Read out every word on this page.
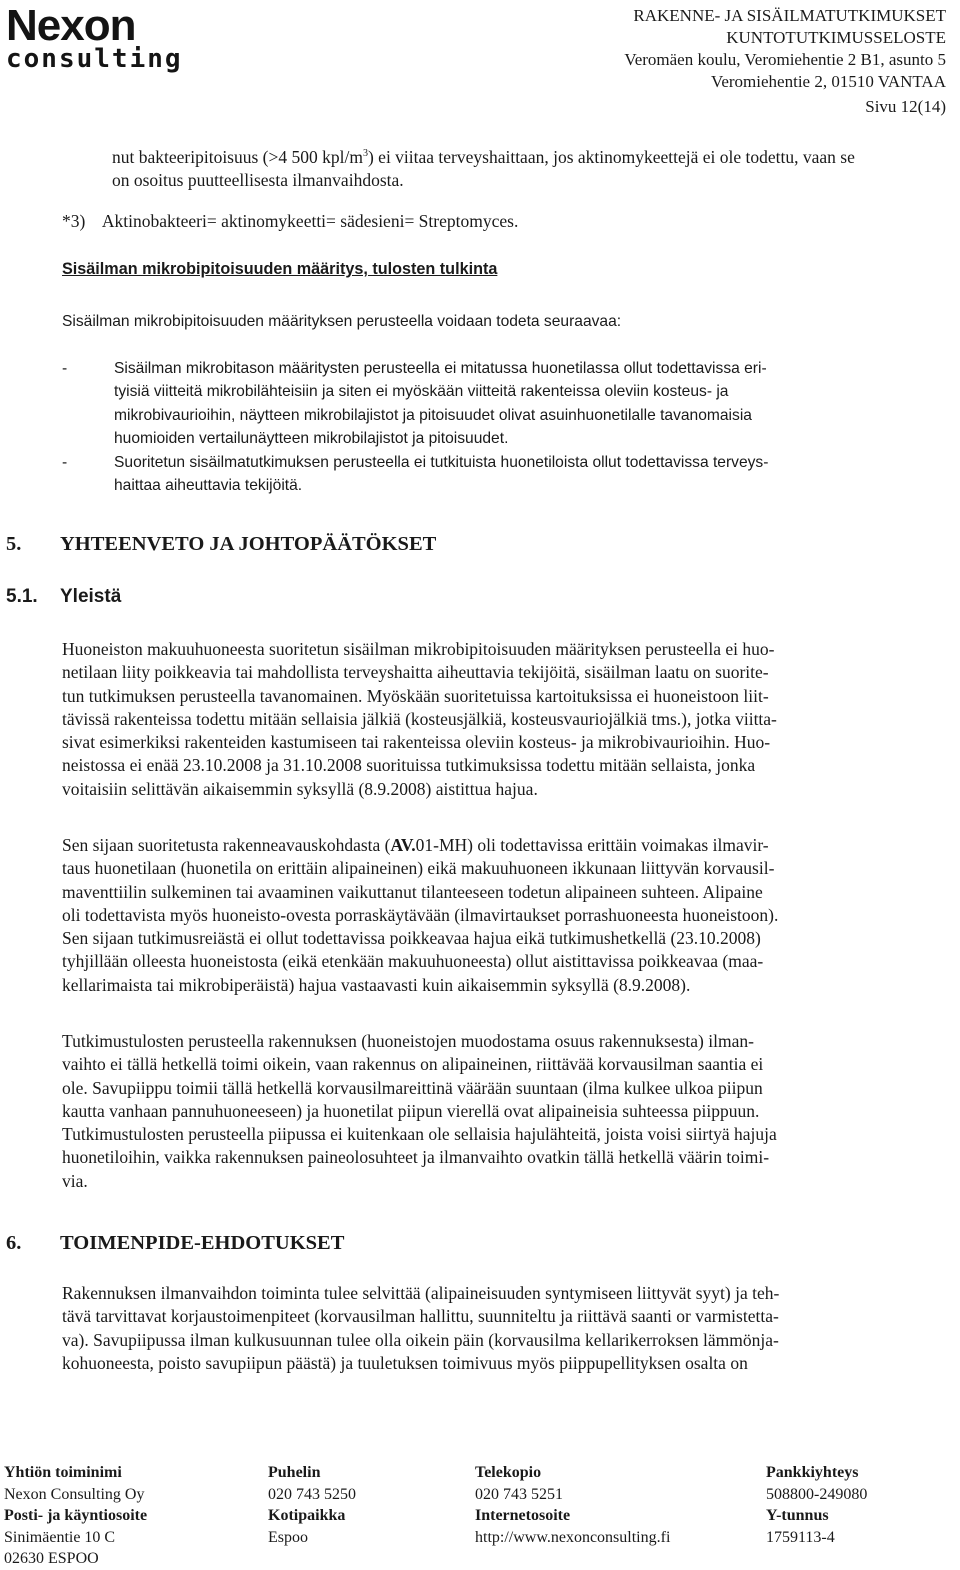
Nexon
consulting
RAKENNE- JA SISÄILMATUTKIMUKSET
KUNTOTUTKIMUSSELOSTE
Veromäen koulu, Veromiehentie 2 B1, asunto 5
Veromiehentie 2, 01510 VANTAA
Sivu 12(14)
nut bakteeripitoisuus (>4 500 kpl/$m^3$) ei viitaa terveyshaittaan, jos aktinomykeettejä ei ole todettu, vaan se
on osoitus puutteellisesta ilmanvaihdosta.
*3)    Aktinobakteeri= aktinomykeetti= sädesieni= Streptomyces.
Sisäilman mikrobipitoisuuden määritys, tulosten tulkinta
Sisäilman mikrobipitoisuuden määrityksen perusteella voidaan todeta seuraavaa:
-	Sisäilman mikrobitason määritysten perusteella ei mitatussa huonetilassa ollut todettavissa eri-
tyisiä viitteitä mikrobilähteisiin ja siten ei myöskään viitteitä rakenteissa oleviin kosteus- ja
mikrobivaurioihin, näytteen mikrobilajistot ja pitoisuudet olivat asuinhuonetilalle tavanomaisia
huomioiden vertailunäytteen mikrobilajistot ja pitoisuudet.
-	Suoritetun sisäilmatutkimuksen perusteella ei tutkituista huonetiloista ollut todettavissa terveys-
haittaa aiheuttavia tekijöitä.
5. YHTEENVETO JA JOHTOPÄÄTÖKSET
5.1. Yleistä
Huoneiston makuuhuoneesta suoritetun sisäilman mikrobipitoisuuden määrityksen perusteella ei huo-
netilaan liity poikkeavia tai mahdollista terveyshaitta aiheuttavia tekijöitä, sisäilman laatu on suorite-
tun tutkimuksen perusteella tavanomainen. Myöskään suoritetuissa kartoituksissa ei huoneistoon liit-
tävissä rakenteissa todettu mitään sellaisia jälkiä (kosteusjälkiä, kosteusvauriojälkiä tms.), jotka viitta-
sivat esimerkiksi rakenteiden kastumiseen tai rakenteissa oleviin kosteus- ja mikrobivaurioihin. Huo-
neistossa ei enää 23.10.2008 ja 31.10.2008 suorituissa tutkimuksissa todettu mitään sellaista, jonka
voitaisiin selittävän aikaisemmin syksyllä (8.9.2008) aistittua hajua.
Sen sijaan suoritetusta rakenneavauskohdasta (AV.01-MH) oli todettavissa erittäin voimakas ilmavir-
taus huonetilaan (huonetila on erittäin alipaineinen) eikä makuuhuoneen ikkunaan liittyvän korvausil-
maventtiilin sulkeminen tai avaaminen vaikuttanut tilanteeseen todetun alipaineen suhteen. Alipaine
oli todettavista myös huoneisto-ovesta porraskäytävään (ilmavirtaukset porrashuoneesta huoneistoon).
Sen sijaan tutkimusreiästä ei ollut todettavissa poikkeavaa hajua eikä tutkimushetkellä (23.10.2008)
tyhjillään olleesta huoneistosta (eikä etenkään makuuhuoneesta) ollut aistittavissa poikkeavaa (maa-
kellarimaista tai mikrobiperäistä) hajua vastaavasti kuin aikaisemmin syksyllä (8.9.2008).
Tutkimustulosten perusteella rakennuksen (huoneistojen muodostama osuus rakennuksesta) ilman-
vaihto ei tällä hetkellä toimi oikein, vaan rakennus on alipaineinen, riittävää korvausilman saantia ei
ole. Savupiippu toimii tällä hetkellä korvausilmareittinä väärään suuntaan (ilma kulkee ulkoa piipun
kautta vanhaan pannuhuoneeseen) ja huonetilat piipun vierellä ovat alipaineisia suhteessa piippuun.
Tutkimustulosten perusteella piipussa ei kuitenkaan ole sellaisia hajulähteitä, joista voisi siirtyä hajuja
huonetiloihin, vaikka rakennuksen paineolosuhteet ja ilmanvaihto ovatkin tällä hetkellä väärin toimi-
via.
6. TOIMENPIDE-EHDOTUKSET
Rakennuksen ilmanvaihdon toiminta tulee selvittää (alipaineisuuden syntymiseen liittyvät syyt) ja teh-
tävä tarvittavat korjaustoimenpiteet (korvausilman hallittu, suunniteltu ja riittävä saanti or varmistetta-
va). Savupiipussa ilman kulkusuunnan tulee olla oikein päin (korvausilma kellarikerroksen lämmönja-
kohuoneesta, poisto savupiipun päästä) ja tuuletuksen toimivuus myös piippupellityksen osalta on
Yhtiön toiminimi
Nexon Consulting Oy
Posti- ja käyntiosoite
Sinimäentie 10 C
02630 ESPOO
Puhelin
020 743 5250
Kotipaikka
Espoo
Telekopio
020 743 5251
Internetosoite
http://www.nexonconsulting.fi
Pankkiyhteys
508800-249080
Y-tunnus
1759113-4
